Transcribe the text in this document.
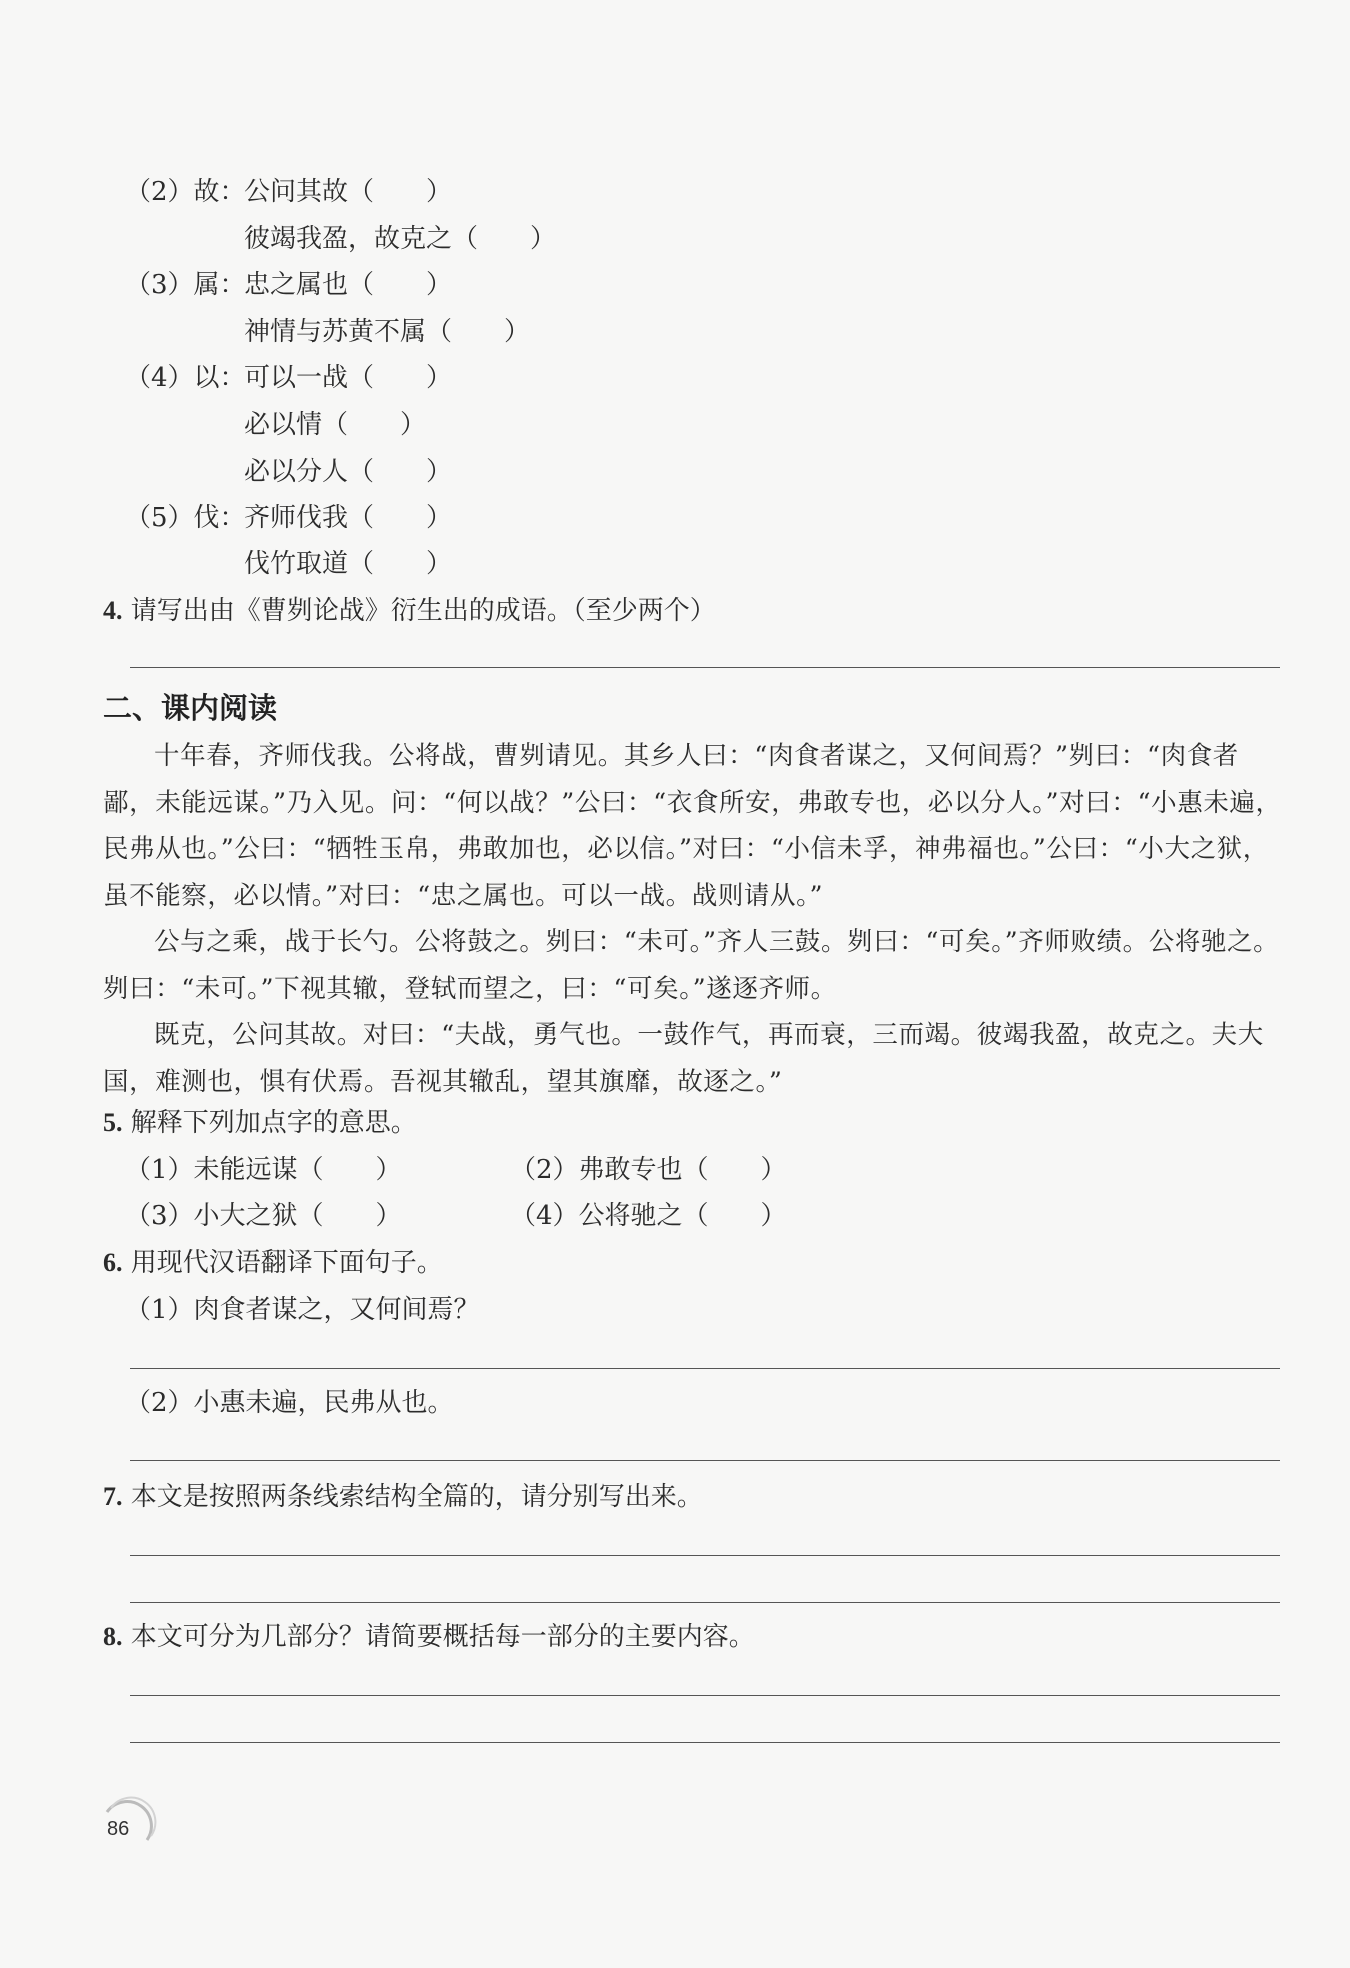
（2）故：
公问其故（　　）
彼竭我盈，故克之（　　）
（3）属：
忠之属也（　　）
神情与苏黄不属（　　）
（4）以：
可以一战（　　）
必以情（　　）
必以分人（　　）
（5）伐：
齐师伐我（　　）
伐竹取道（　　）
4. 请写出由《曹刿论战》衍生出的成语。（至少两个）
二、课内阅读

十年春，齐师伐我。公将战，曹刿请见。其乡人曰：“肉食者谋之，又何间焉？”刿曰：“肉食者鄙，未能远谋。”乃入见。问：“何以战？”公曰：“衣食所安，弗敢专也，必以分人。”对曰：“小惠未遍，民弗从也。”公曰：“牺牲玉帛，弗敢加也，必以信。”对曰：“小信未孚，神弗福也。”公曰：“小大之狱，虽不能察，必以情。”对曰：“忠之属也。可以一战。战则请从。”

公与之乘，战于长勺。公将鼓之。刿曰：“未可。”齐人三鼓。刿曰：“可矣。”齐师败绩。公将驰之。刿曰：“未可。”下视其辙，登轼而望之，曰：“可矣。”遂逐齐师。

既克，公问其故。对曰：“夫战，勇气也。一鼓作气，再而衰，三而竭。彼竭我盈，故克之。夫大国，难测也，惧有伏焉。吾视其辙乱，望其旗靡，故逐之。”

5. 解释下列加点字的意思。
（1）未能远谋（　　）	（2）弗敢专也（　　）
（3）小大之狱（　　）	（4）公将驰之（　　）
6. 用现代汉语翻译下面句子。
（1）肉食者谋之，又何间焉？
（2）小惠未遍，民弗从也。
7. 本文是按照两条线索结构全篇的，请分别写出来。
8. 本文可分为几部分？请简要概括每一部分的主要内容。
86
